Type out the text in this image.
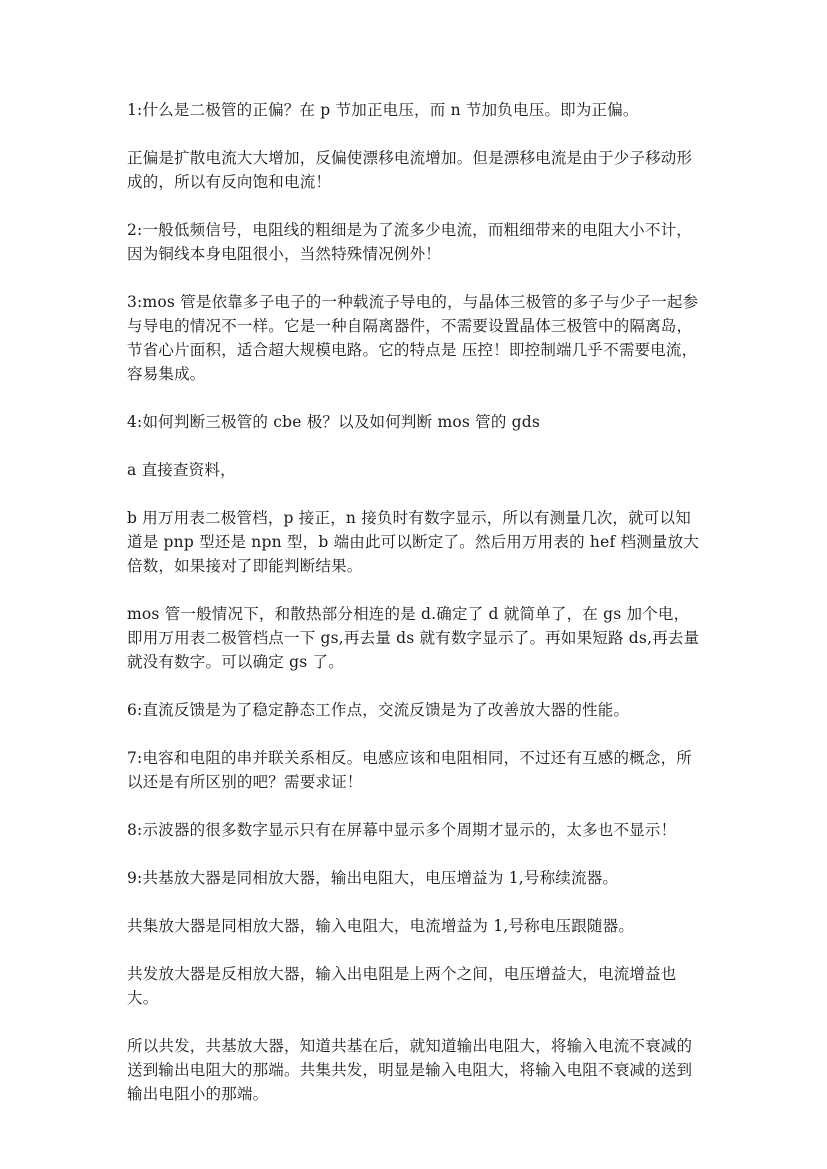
1:什么是二极管的正偏？在 p 节加正电压，而 n 节加负电压。即为正偏。

正偏是扩散电流大大增加，反偏使漂移电流增加。但是漂移电流是由于少子移动形成的，所以有反向饱和电流！

2:一般低频信号，电阻线的粗细是为了流多少电流，而粗细带来的电阻大小不计，因为铜线本身电阻很小，当然特殊情况例外！

3:mos 管是依靠多子电子的一种载流子导电的，与晶体三极管的多子与少子一起参与导电的情况不一样。它是一种自隔离器件，不需要设置晶体三极管中的隔离岛，节省心片面积，适合超大规模电路。它的特点是 压控！即控制端几乎不需要电流，容易集成。

4:如何判断三极管的 cbe 极？以及如何判断 mos 管的 gds

a 直接查资料，

b 用万用表二极管档，p 接正，n 接负时有数字显示，所以有测量几次，就可以知道是 pnp 型还是 npn 型，b 端由此可以断定了。然后用万用表的 hef 档测量放大倍数，如果接对了即能判断结果。

mos 管一般情况下，和散热部分相连的是 d.确定了 d 就简单了，在 gs 加个电，即用万用表二极管档点一下 gs,再去量 ds 就有数字显示了。再如果短路 ds,再去量就没有数字。可以确定 gs 了。

6:直流反馈是为了稳定静态工作点，交流反馈是为了改善放大器的性能。

7:电容和电阻的串并联关系相反。电感应该和电阻相同，不过还有互感的概念，所以还是有所区别的吧？需要求证！

8:示波器的很多数字显示只有在屏幕中显示多个周期才显示的，太多也不显示！

9:共基放大器是同相放大器，输出电阻大，电压增益为 1,号称续流器。

共集放大器是同相放大器，输入电阻大，电流增益为 1,号称电压跟随器。

共发放大器是反相放大器，输入出电阻是上两个之间，电压增益大，电流增益也大。

所以共发，共基放大器，知道共基在后，就知道输出电阻大，将输入电流不衰减的送到输出电阻大的那端。共集共发，明显是输入电阻大，将输入电阻不衰减的送到输出电阻小的那端。
